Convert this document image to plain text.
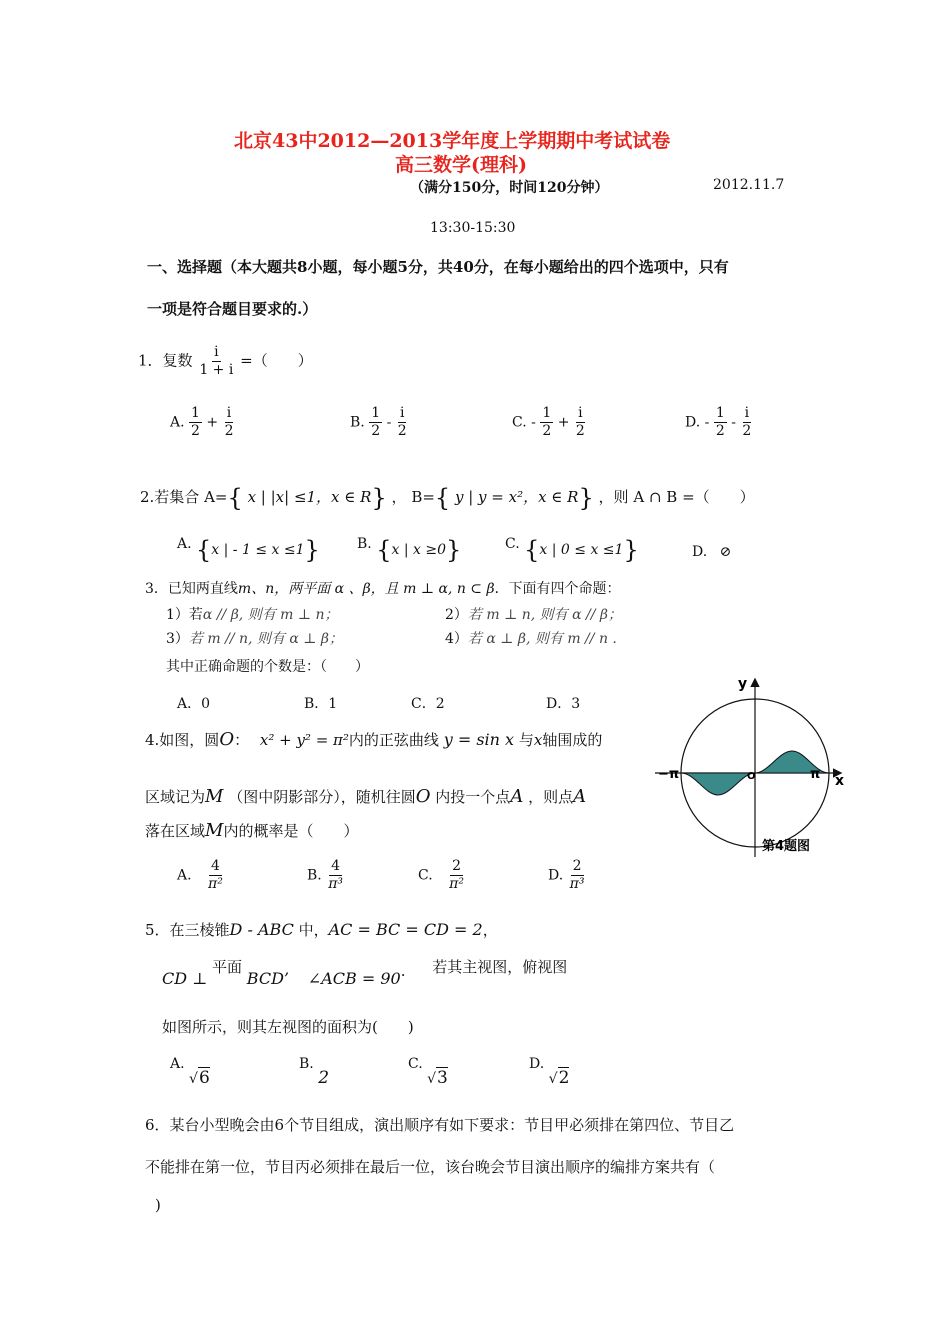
北京43中2012—2013学年度上学期期中考试试卷
高三数学(理科)
（满分150分，时间120分钟）	2012.11.7
13:30-15:30
一、选择题（本大题共8小题，每小题5分，共40分，在每小题给出的四个选项中，只有
一项是符合题目要求的.）
1．复数 $\frac{i}{1 + i}$ =（　　）
A. $\frac{1}{2} + \frac{i}{2}$	B. $\frac{1}{2} - \frac{i}{2}$	C. - $\frac{1}{2} + \frac{i}{2}$	D. - $\frac{1}{2} - \frac{i}{2}$
2.若集合 A={ x | |x| ≤1，x ∈ R} ， B={ y | y = x²，x ∈ R} ，则 A ∩ B =（　　）
A. {x | - 1 ≤ x ≤1}	B. {x | x ≥0}	C. {x | 0 ≤ x ≤1}	D. ⊘
3．已知两直线m、n，两平面 α 、β，且 m ⊥ α, n ⊂ β．下面有四个命题：
1）若α // β, 则有 m ⊥ n；	2）若 m ⊥ n, 则有 α // β；
3）若 m // n, 则有 α ⊥ β；	4）若 α ⊥ β, 则有 m // n .
其中正确命题的个数是：（　　）
A．0	B．1	C．2	D．3
4.如图，圆O： x² + y² = π²内的正弦曲线 y = sin x 与x轴围成的
区域记为M （图中阴影部分），随机往圆O 内投一个点A ，则点A
落在区域M内的概率是（　　）
A. $\frac{4}{\text{π²}}$	B. $\frac{4}{\text{π³}}$	C. $\frac{2}{\text{π²}}$	D. $\frac{2}{\text{π³}}$
y
x
−π	O	π
第4题图
5．在三棱锥D - ABC 中，AC = BC = CD = 2，
CD ⊥ 平面 BCD’ ∠ACB = 90. 若其主视图，俯视图
如图所示，则其左视图的面积为(　　)
A. √6
B. 2
C. √3
D. √2
6．某台小型晚会由6个节目组成，演出顺序有如下要求：节目甲必须排在第四位、节目乙
不能排在第一位，节目丙必须排在最后一位，该台晚会节目演出顺序的编排方案共有（
)
